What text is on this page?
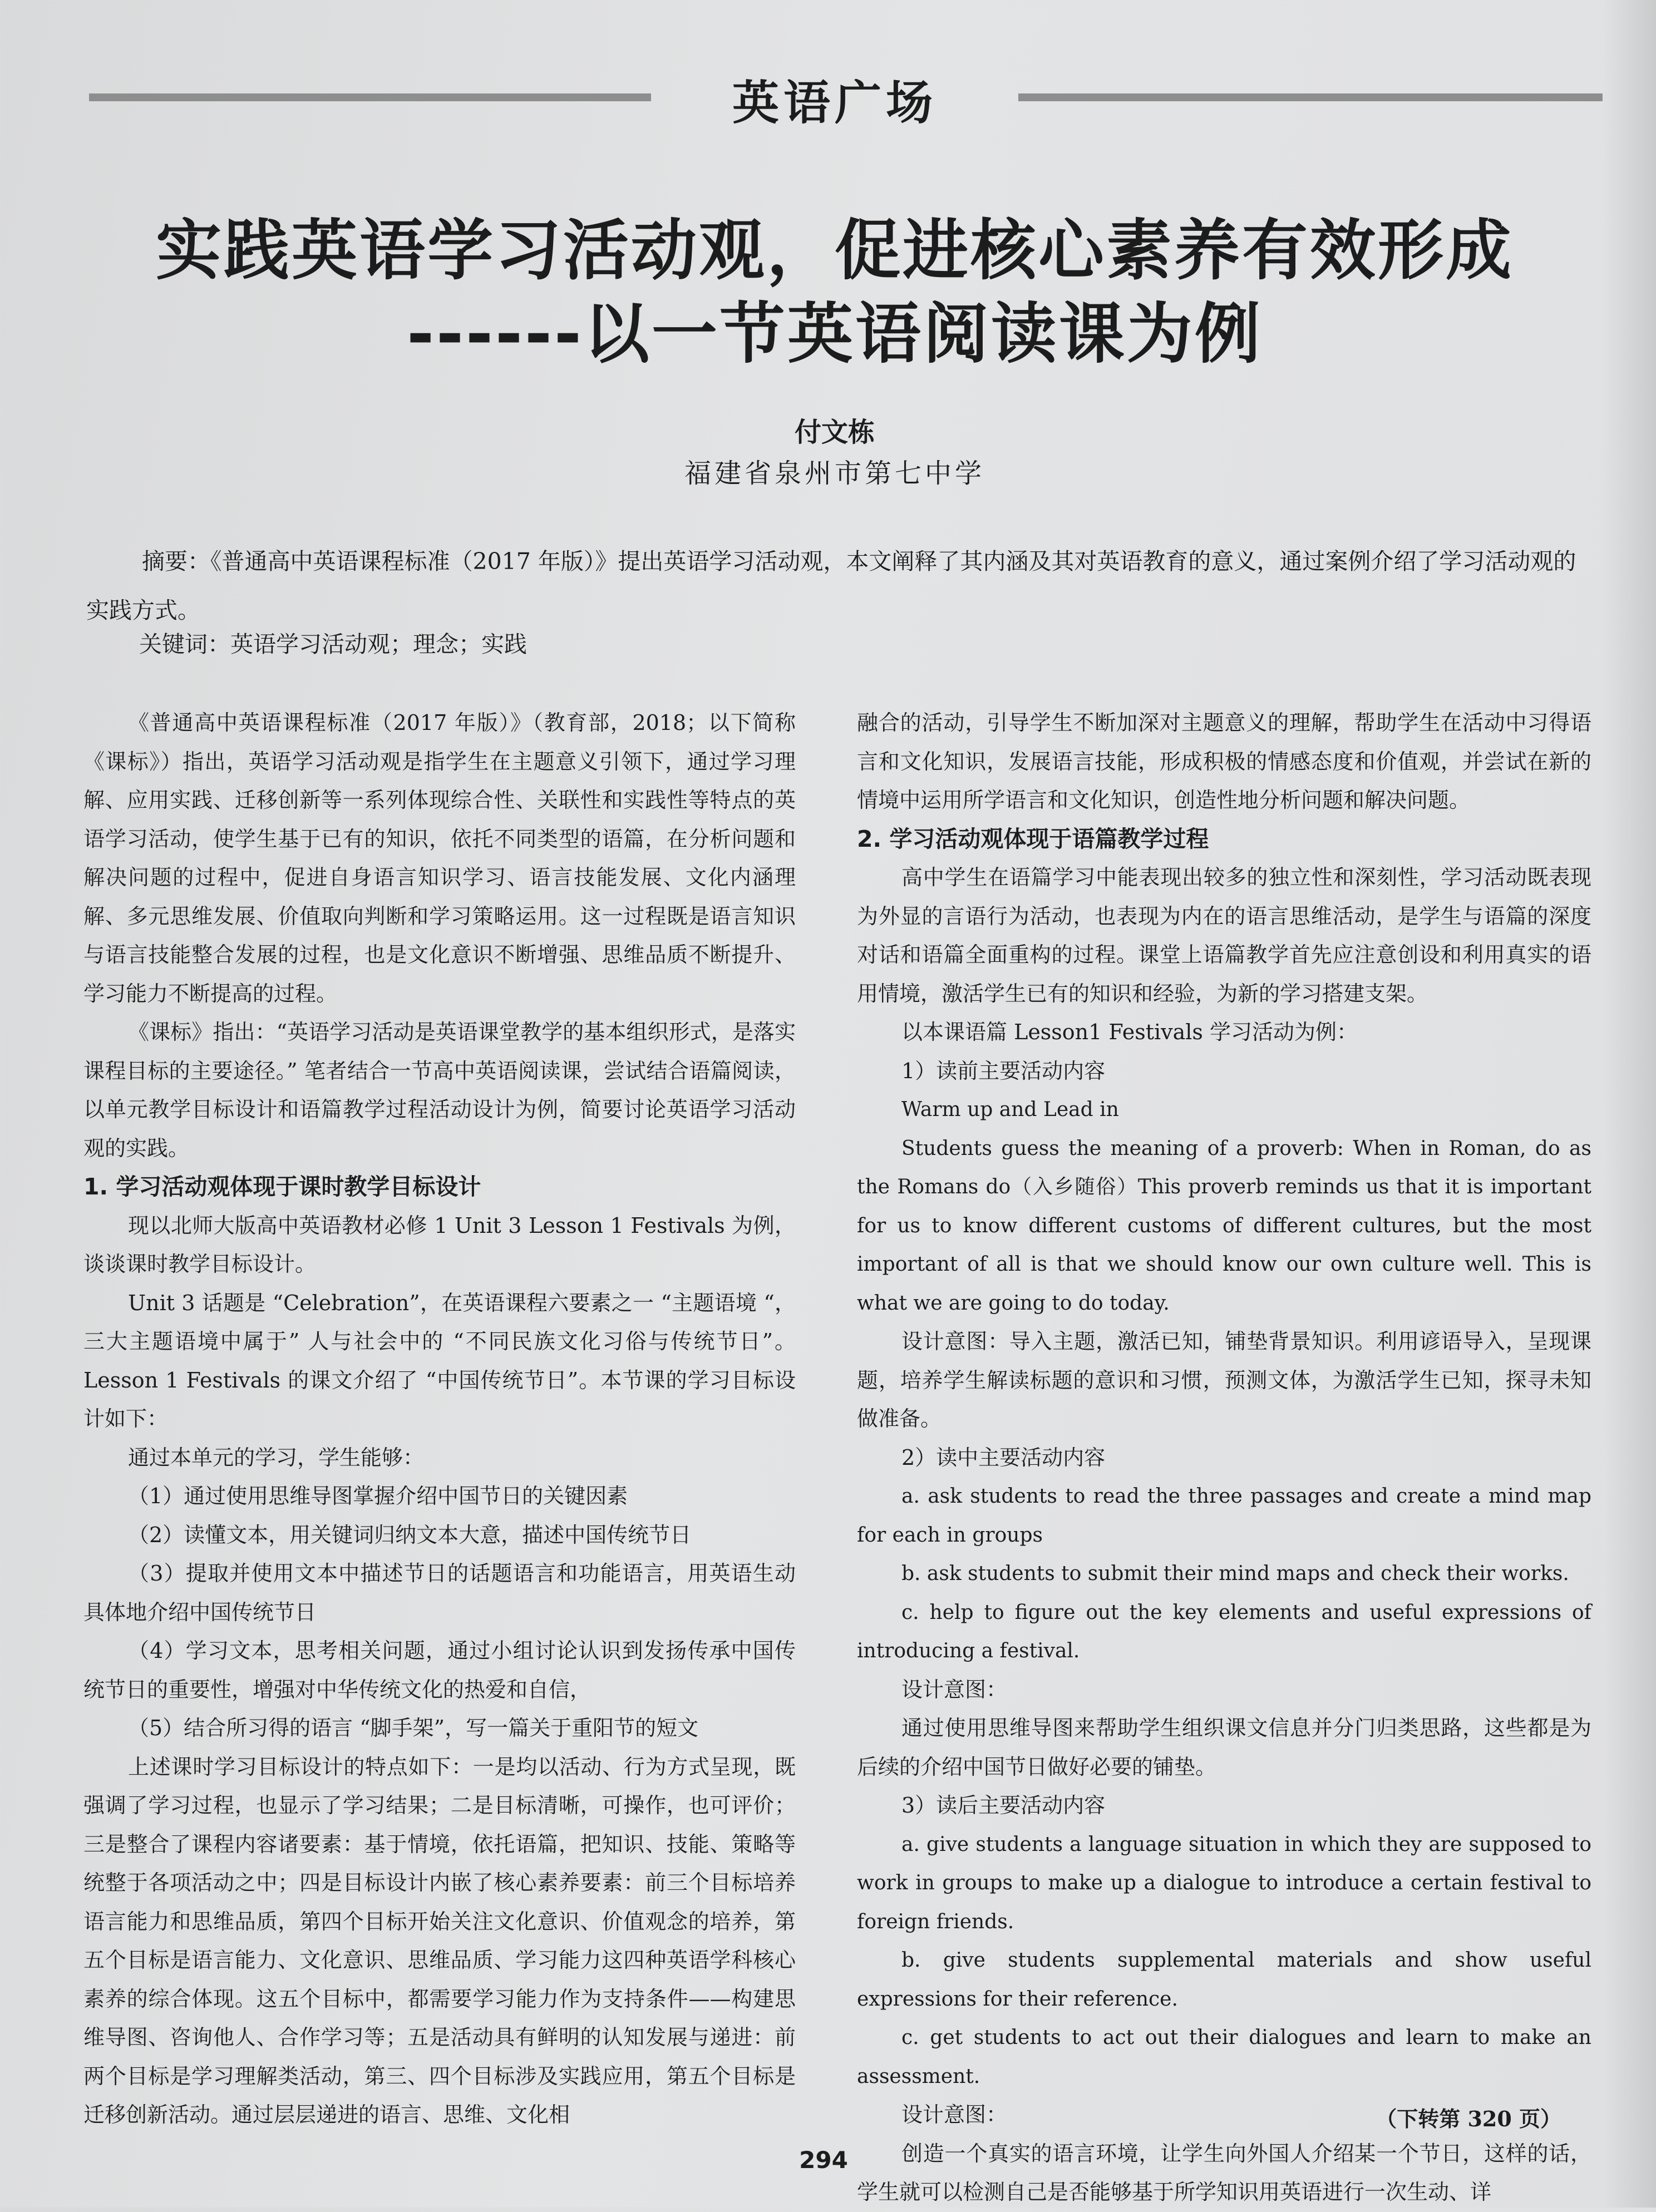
英语广场
实践英语学习活动观，促进核心素养有效形成
------以一节英语阅读课为例
付文栋
福建省泉州市第七中学

摘要：《普通高中英语课程标准（2017 年版）》提出英语学习活动观，本文阐释了其内涵及其对英语教育的意义，通过案例介绍了学习活动观的实践方式。

关键词：英语学习活动观；理念；实践

《普通高中英语课程标准（2017 年版）》（教育部，2018；以下简称《课标》）指出，英语学习活动观是指学生在主题意义引领下，通过学习理解、应用实践、迁移创新等一系列体现综合性、关联性和实践性等特点的英语学习活动，使学生基于已有的知识，依托不同类型的语篇，在分析问题和解决问题的过程中，促进自身语言知识学习、语言技能发展、文化内涵理解、多元思维发展、价值取向判断和学习策略运用。这一过程既是语言知识与语言技能整合发展的过程，也是文化意识不断增强、思维品质不断提升、学习能力不断提高的过程。

《课标》指出：“英语学习活动是英语课堂教学的基本组织形式，是落实课程目标的主要途径。” 笔者结合一节高中英语阅读课，尝试结合语篇阅读，以单元教学目标设计和语篇教学过程活动设计为例，简要讨论英语学习活动观的实践。

1. 学习活动观体现于课时教学目标设计

现以北师大版高中英语教材必修 1 Unit 3 Lesson 1 Festivals 为例，谈谈课时教学目标设计。

Unit 3 话题是 “Celebration”，在英语课程六要素之一 “主题语境 “，三大主题语境中属于” 人与社会中的 “不同民族文化习俗与传统节日”。Lesson 1 Festivals 的课文介绍了 “中国传统节日”。本节课的学习目标设计如下：

通过本单元的学习，学生能够：

（1）通过使用思维导图掌握介绍中国节日的关键因素

（2）读懂文本，用关键词归纳文本大意，描述中国传统节日

（3）提取并使用文本中描述节日的话题语言和功能语言，用英语生动具体地介绍中国传统节日

（4）学习文本，思考相关问题，通过小组讨论认识到发扬传承中国传统节日的重要性，增强对中华传统文化的热爱和自信，

（5）结合所习得的语言 “脚手架”，写一篇关于重阳节的短文

上述课时学习目标设计的特点如下：一是均以活动、行为方式呈现，既强调了学习过程，也显示了学习结果；二是目标清晰，可操作，也可评价；三是整合了课程内容诸要素：基于情境，依托语篇，把知识、技能、策略等统整于各项活动之中；四是目标设计内嵌了核心素养要素：前三个目标培养语言能力和思维品质，第四个目标开始关注文化意识、价值观念的培养，第五个目标是语言能力、文化意识、思维品质、学习能力这四种英语学科核心素养的综合体现。这五个目标中，都需要学习能力作为支持条件——构建思维导图、咨询他人、合作学习等；五是活动具有鲜明的认知发展与递进：前两个目标是学习理解类活动，第三、四个目标涉及实践应用，第五个目标是迁移创新活动。通过层层递进的语言、思维、文化相

融合的活动，引导学生不断加深对主题意义的理解，帮助学生在活动中习得语言和文化知识，发展语言技能，形成积极的情感态度和价值观，并尝试在新的情境中运用所学语言和文化知识，创造性地分析问题和解决问题。

2. 学习活动观体现于语篇教学过程

高中学生在语篇学习中能表现出较多的独立性和深刻性，学习活动既表现为外显的言语行为活动，也表现为内在的语言思维活动，是学生与语篇的深度对话和语篇全面重构的过程。课堂上语篇教学首先应注意创设和利用真实的语用情境，激活学生已有的知识和经验，为新的学习搭建支架。

以本课语篇 Lesson1 Festivals 学习活动为例：

1）读前主要活动内容

Warm up and Lead in

Students guess the meaning of a proverb: When in Roman, do as the Romans do（入乡随俗）This proverb reminds us that it is important for us to know different customs of different cultures, but the most important of all is that we should know our own culture well. This is what we are going to do today.

设计意图：导入主题，激活已知，铺垫背景知识。利用谚语导入，呈现课题，培养学生解读标题的意识和习惯，预测文体，为激活学生已知，探寻未知做准备。

2）读中主要活动内容

a. ask students to read the three passages and create a mind map for each in groups

b. ask students to submit their mind maps and check their works.

c. help to figure out the key elements and useful expressions of introducing a festival.

设计意图：

通过使用思维导图来帮助学生组织课文信息并分门归类思路，这些都是为后续的介绍中国节日做好必要的铺垫。

3）读后主要活动内容

a. give students a language situation in which they are supposed to work in groups to make up a dialogue to introduce a certain festival to foreign friends.

b. give students supplemental materials and show useful expressions for their reference.

c. get students to act out their dialogues and learn to make an assessment.

设计意图：

创造一个真实的语言环境，让学生向外国人介绍某一个节日，这样的话，学生就可以检测自己是否能够基于所学知识用英语进行一次生动、详

（下转第 320 页）
294
